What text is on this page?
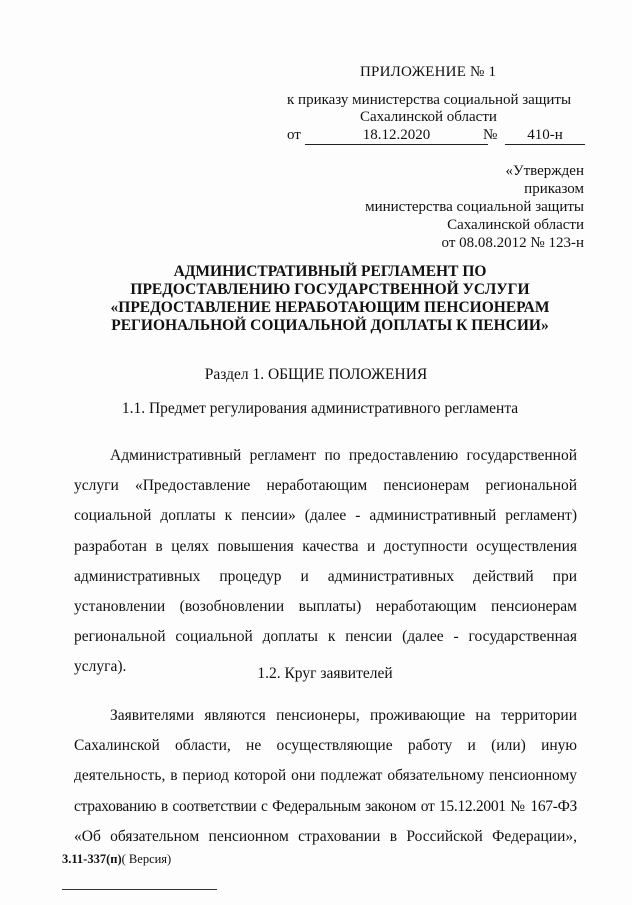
ПРИЛОЖЕНИЕ № 1
к приказу министерства социальной защиты
Сахалинской области
от	18.12.2020	№	410-н
«Утвержден
приказом
министерства социальной защиты
Сахалинской области
от 08.08.2012 № 123-н
АДМИНИСТРАТИВНЫЙ РЕГЛАМЕНТ ПО
ПРЕДОСТАВЛЕНИЮ ГОСУДАРСТВЕННОЙ УСЛУГИ
«ПРЕДОСТАВЛЕНИЕ НЕРАБОТАЮЩИМ ПЕНСИОНЕРАМ
РЕГИОНАЛЬНОЙ СОЦИАЛЬНОЙ ДОПЛАТЫ К ПЕНСИИ»
Раздел 1. ОБЩИЕ ПОЛОЖЕНИЯ
1.1. Предмет регулирования административного регламента
Административный регламент по предоставлению государственной
услуги «Предоставление неработающим пенсионерам региональной
социальной доплаты к пенсии» (далее - административный регламент)
разработан в целях повышения качества и доступности осуществления
административных процедур и административных действий при
установлении (возобновлении выплаты) неработающим пенсионерам
региональной социальной доплаты к пенсии (далее - государственная
услуга).	1.2. Круг заявителей
Заявителями являются пенсионеры, проживающие на территории
Сахалинской области, не осуществляющие работу и (или) иную
деятельность, в период которой они подлежат обязательному пенсионному
страхованию в соответствии с Федеральным законом от 15.12.2001 № 167-ФЗ
«Об обязательном пенсионном страховании в Российской Федерации»,
3.11-337(п)( Версия)
